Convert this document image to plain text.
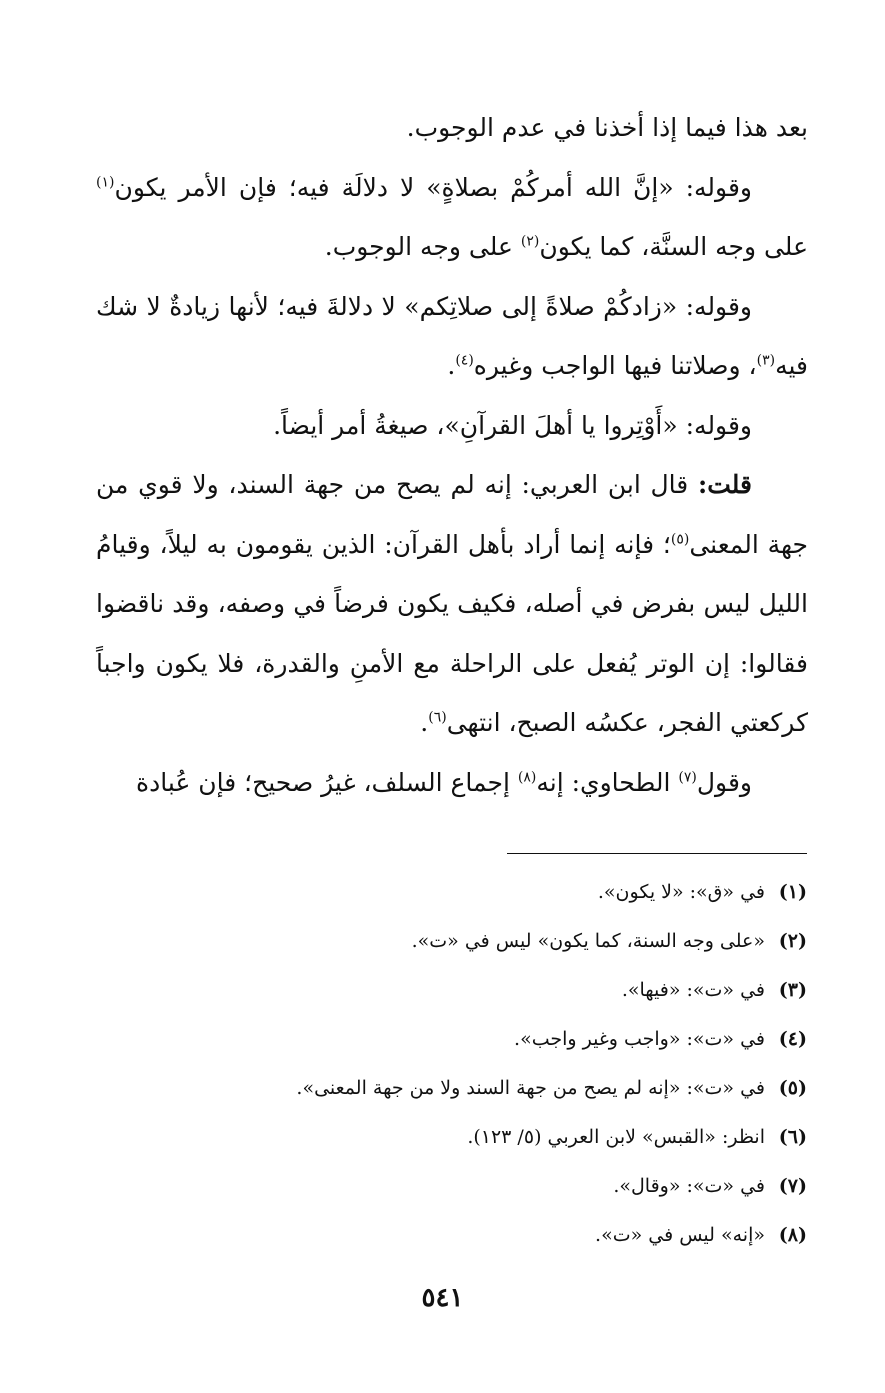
بعد هذا فيما إذا أخذنا في عدم الوجوب.

وقوله: «إنَّ الله أمركُمْ بصلاةٍ» لا دلالَة فيه؛ فإن الأمر يكون$^{(١)}$ على وجه السنَّة، كما يكون$^{(٢)}$ على وجه الوجوب.

وقوله: «زادكُمْ صلاةً إلى صلاتِكم» لا دلالةَ فيه؛ لأنها زيادةٌ لا شك فيه$^{(٣)}$، وصلاتنا فيها الواجب وغيره$^{(٤)}$.

وقوله: «أَوْتِروا يا أهلَ القرآنِ»، صيغةُ أمر أيضاً.

قلت: قال ابن العربي: إنه لم يصح من جهة السند، ولا قوي من جهة المعنى$^{(٥)}$؛ فإنه إنما أراد بأهل القرآن: الذين يقومون به ليلاً، وقيامُ الليل ليس بفرض في أصله، فكيف يكون فرضاً في وصفه، وقد ناقضوا فقالوا: إن الوتر يُفعل على الراحلة مع الأمنِ والقدرة، فلا يكون واجباً كركعتي الفجر، عكسُه الصبح، انتهى$^{(٦)}$.

وقول$^{(٧)}$ الطحاوي: إنه$^{(٨)}$ إجماع السلف، غيرُ صحيح؛ فإن عُبادة

(١)
في «ق»: «لا يكون».
(٢)
«على وجه السنة، كما يكون» ليس في «ت».
(٣)
في «ت»: «فيها».
(٤)
في «ت»: «واجب وغير واجب».
(٥)
في «ت»: «إنه لم يصح من جهة السند ولا من جهة المعنى».
(٦)
انظر: «القبس» لابن العربي (٥/ ١٢٣).
(٧)
في «ت»: «وقال».
(٨)
«إنه» ليس في «ت».
٥٤١
